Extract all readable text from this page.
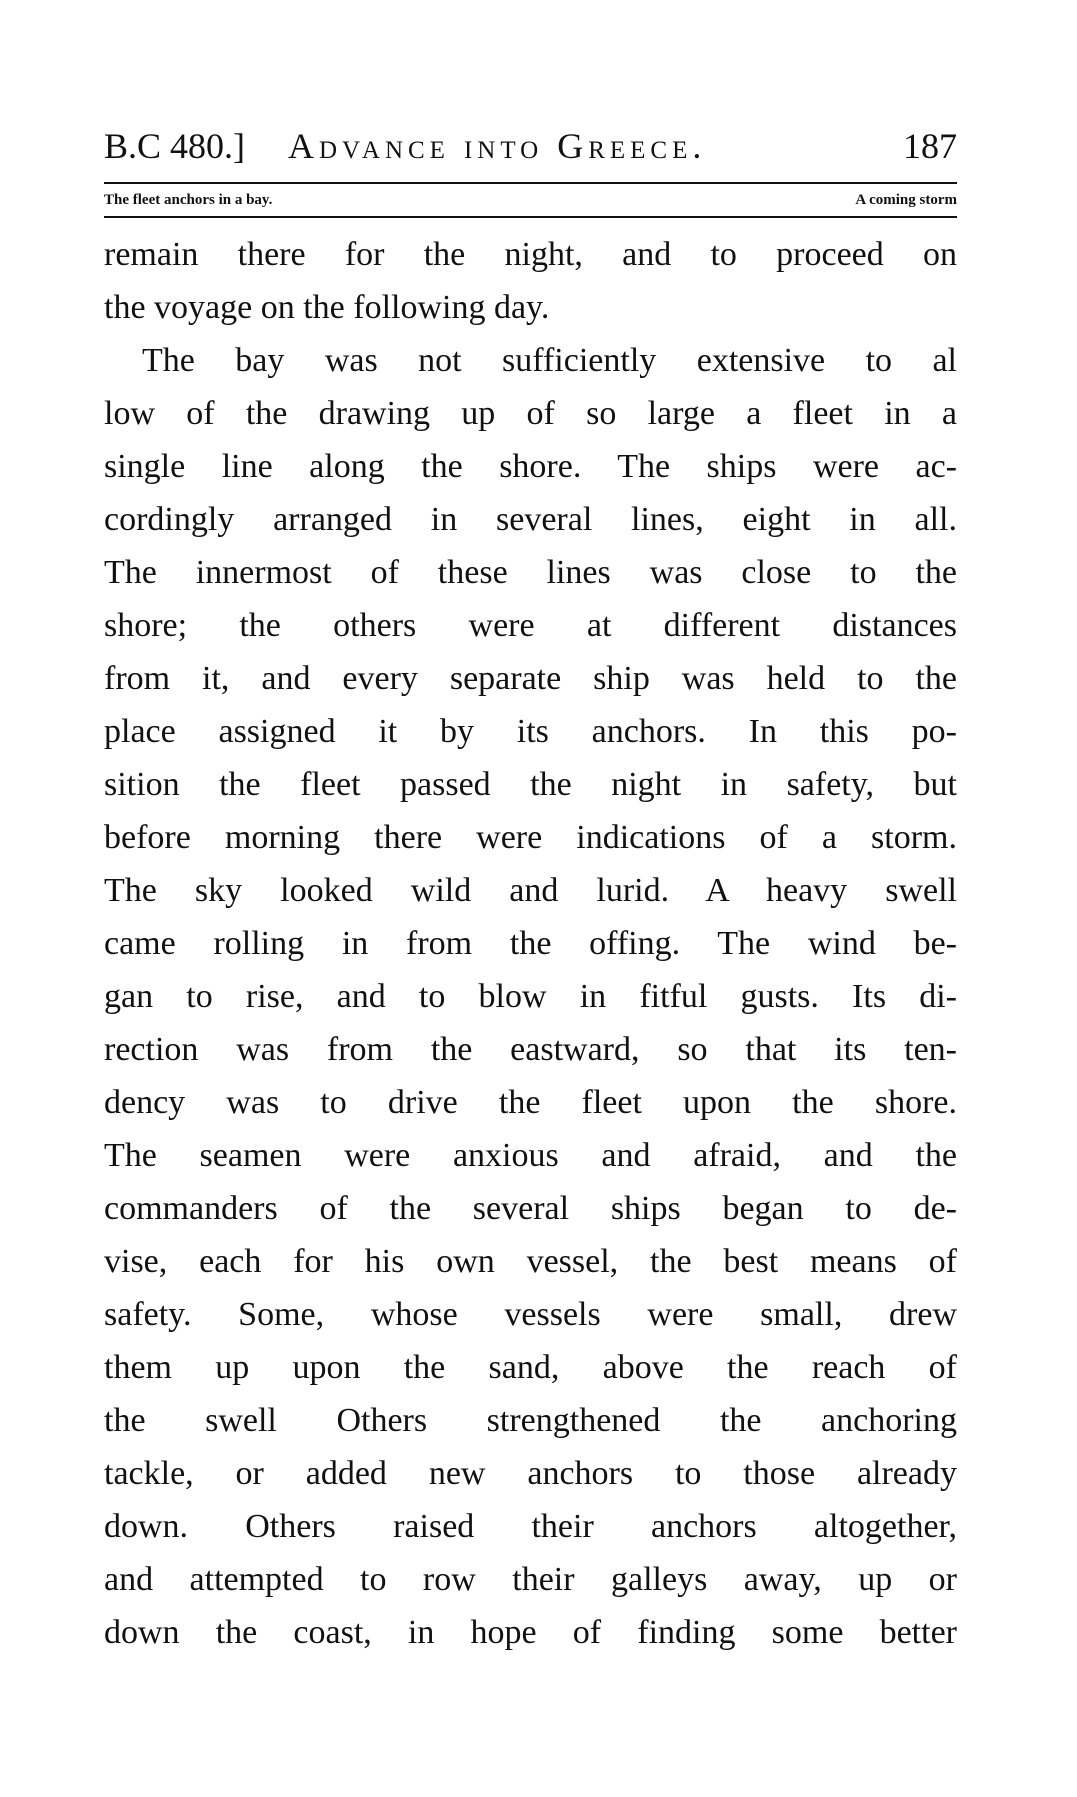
B.C 480.] Advance into Greece.	187
The fleet anchors in a bay.	A coming storm
remain there for the night, and to proceed on
the voyage on the following day.
The bay was not sufficiently extensive to al
low of the drawing up of so large a fleet in a
single line along the shore. The ships were ac-
cordingly arranged in several lines, eight in all.
The innermost of these lines was close to the
shore; the others were at different distances
from it, and every separate ship was held to the
place assigned it by its anchors. In this po-
sition the fleet passed the night in safety, but
before morning there were indications of a storm.
The sky looked wild and lurid. A heavy swell
came rolling in from the offing. The wind be-
gan to rise, and to blow in fitful gusts. Its di-
rection was from the eastward, so that its ten-
dency was to drive the fleet upon the shore.
The seamen were anxious and afraid, and the
commanders of the several ships began to de-
vise, each for his own vessel, the best means of
safety. Some, whose vessels were small, drew
them up upon the sand, above the reach of
the swell Others strengthened the anchoring
tackle, or added new anchors to those already
down. Others raised their anchors altogether,
and attempted to row their galleys away, up or
down the coast, in hope of finding some better
